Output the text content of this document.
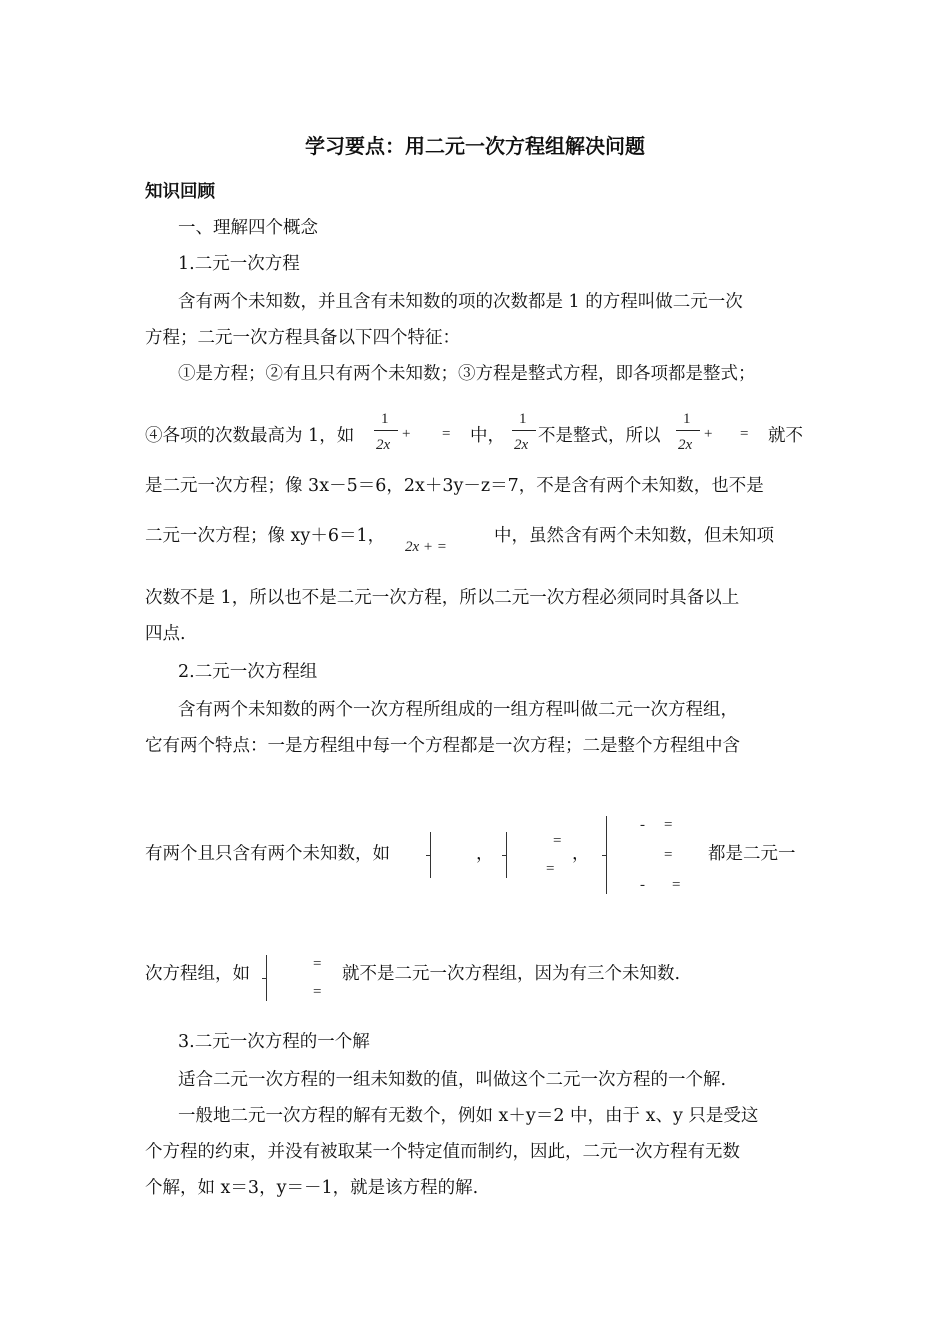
学习要点：用二元一次方程组解决问题
知识回顾
一、理解四个概念
1.二元一次方程
含有两个未知数，并且含有未知数的项的次数都是 1 的方程叫做二元一次
方程；二元一次方程具备以下四个特征：
①是方程；②有且只有两个未知数；③方程是整式方程，即各项都是整式；
④各项的次数最高为 1，如
1
2x
+ = 中，
1
2x 不是整式，所以
1
2x
+ = 就不
是二元一次方程；像 3x－5＝6，2x＋3y－z＝7，不是含有两个未知数，也不是
二元一次方程；像 xy＋6＝1，
2x + =
中，虽然含有两个未知数，但未知项
次数不是 1，所以也不是二元一次方程，所以二元一次方程必须同时具备以上
四点.
2.二元一次方程组
含有两个未知数的两个一次方程所组成的一组方程叫做二元一次方程组，
它有两个特点：一是方程组中每一个方程都是一次方程；二是整个方程组中含
有两个且只含有两个未知数，如	，
=
=
，
- =
=
- =
都是二元一
次方程组，如	=
=
就不是二元一次方程组，因为有三个未知数.
3.二元一次方程的一个解
适合二元一次方程的一组未知数的值，叫做这个二元一次方程的一个解.
一般地二元一次方程的解有无数个，例如 x＋y＝2 中，由于 x、y 只是受这
个方程的约束，并没有被取某一个特定值而制约，因此，二元一次方程有无数
个解，如 x＝3，y＝－1，就是该方程的解.
